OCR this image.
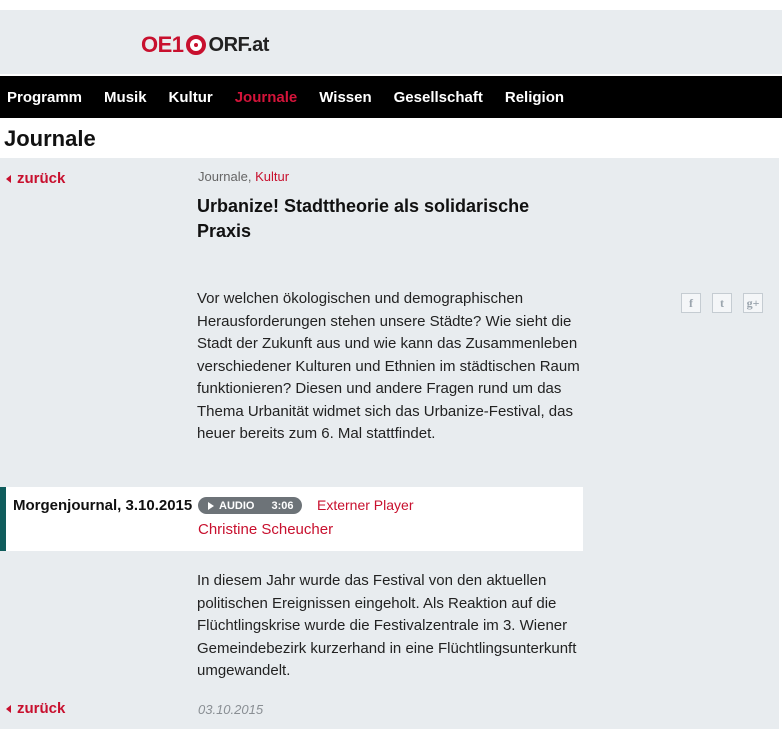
OE1 ORF.at
Programm Musik Kultur Journale Wissen Gesellschaft Religion
Journale
zurück	Journale, Kultur
Urbanize! Stadttheorie als solidarische Praxis
Vor welchen ökologischen und demographischen Herausforderungen stehen unsere Städte? Wie sieht die Stadt der Zukunft aus und wie kann das Zusammenleben verschiedener Kulturen und Ethnien im städtischen Raum funktionieren? Diesen und andere Fragen rund um das Thema Urbanität widmet sich das Urbanize-Festival, das heuer bereits zum 6. Mal stattfindet.
f t g+
Morgenjournal, 3.10.2015 AUDIO 3:06 Externer Player
Christine Scheucher
In diesem Jahr wurde das Festival von den aktuellen politischen Ereignissen eingeholt. Als Reaktion auf die Flüchtlingskrise wurde die Festivalzentrale im 3. Wiener Gemeindebezirk kurzerhand in eine Flüchtlingsunterkunft umgewandelt.
zurück	03.10.2015
